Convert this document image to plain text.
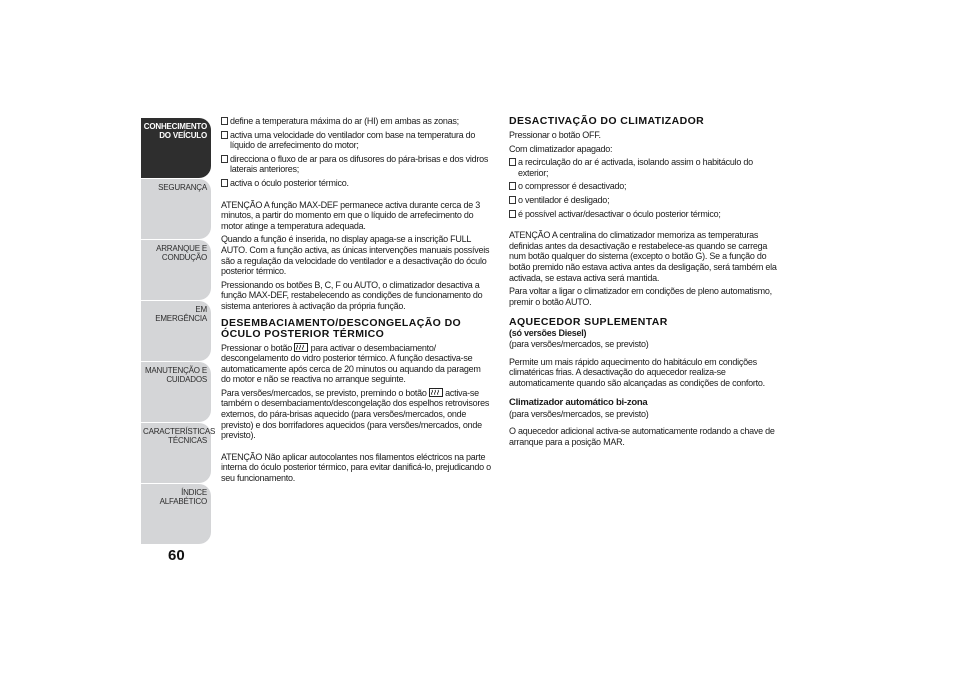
CONHECIMENTO
DO VEÍCULO
SEGURANÇA
ARRANQUE E
CONDUÇÃO
EM EMERGÊNCIA
MANUTENÇÃO E
CUIDADOS
CARACTERÍSTICAS
TÉCNICAS
ÍNDICE ALFABÉTICO
60
define a temperatura máxima do ar (HI) em ambas as zonas;
activa uma velocidade do ventilador com base na temperatura do líquido de arrefecimento do motor;
direcciona o fluxo de ar para os difusores do pára-brisas e dos vidros laterais anteriores;
activa o óculo posterior térmico.

ATENÇÃO A função MAX-DEF permanece activa durante cerca de 3 minutos, a partir do momento em que o líquido de arrefecimento do motor atinge a temperatura adequada.

Quando a função é inserida, no display apaga-se a inscrição FULL AUTO. Com a função activa, as únicas intervenções manuais possíveis são a regulação da velocidade do ventilador e a desactivação do óculo posterior térmico.

Pressionando os botões B, C, F ou AUTO, o climatizador desactiva a função MAX-DEF, restabelecendo as condições de funcionamento do sistema anteriores à activação da própria função.

DESEMBACIAMENTO/DESCONGELAÇÃO DO ÓCULO POSTERIOR TÉRMICO

Pressionar o botão para activar o desembaciamento/ descongelamento do vidro posterior térmico. A função desactiva-se automaticamente após cerca de 20 minutos ou aquando da paragem do motor e não se reactiva no arranque seguinte.

Para versões/mercados, se previsto, premindo o botão activa-se também o desembaciamento/descongelação dos espelhos retrovisores externos, do pára-brisas aquecido (para versões/mercados, onde previsto) e dos borrifadores aquecidos (para versões/mercados, onde previsto).

ATENÇÃO Não aplicar autocolantes nos filamentos eléctricos na parte interna do óculo posterior térmico, para evitar danificá-lo, prejudicando o seu funcionamento.

DESACTIVAÇÃO DO CLIMATIZADOR

Pressionar o botão OFF.

Com climatizador apagado:

a recirculação do ar é activada, isolando assim o habitáculo do exterior;
o compressor é desactivado;
o ventilador é desligado;
é possível activar/desactivar o óculo posterior térmico;

ATENÇÃO A centralina do climatizador memoriza as temperaturas definidas antes da desactivação e restabelece-as quando se carrega num botão qualquer do sistema (excepto o botão G). Se a função do botão premido não estava activa antes da desligação, será também ela activada, se estava activa será mantida.

Para voltar a ligar o climatizador em condições de pleno automatismo, premir o botão AUTO.

AQUECEDOR SUPLEMENTAR
(só versões Diesel)

(para versões/mercados, se previsto)

Permite um mais rápido aquecimento do habitáculo em condições climatéricas frias. A desactivação do aquecedor realiza-se automaticamente quando são alcançadas as condições de conforto.

Climatizador automático bi-zona

(para versões/mercados, se previsto)

O aquecedor adicional activa-se automaticamente rodando a chave de arranque para a posição MAR.
